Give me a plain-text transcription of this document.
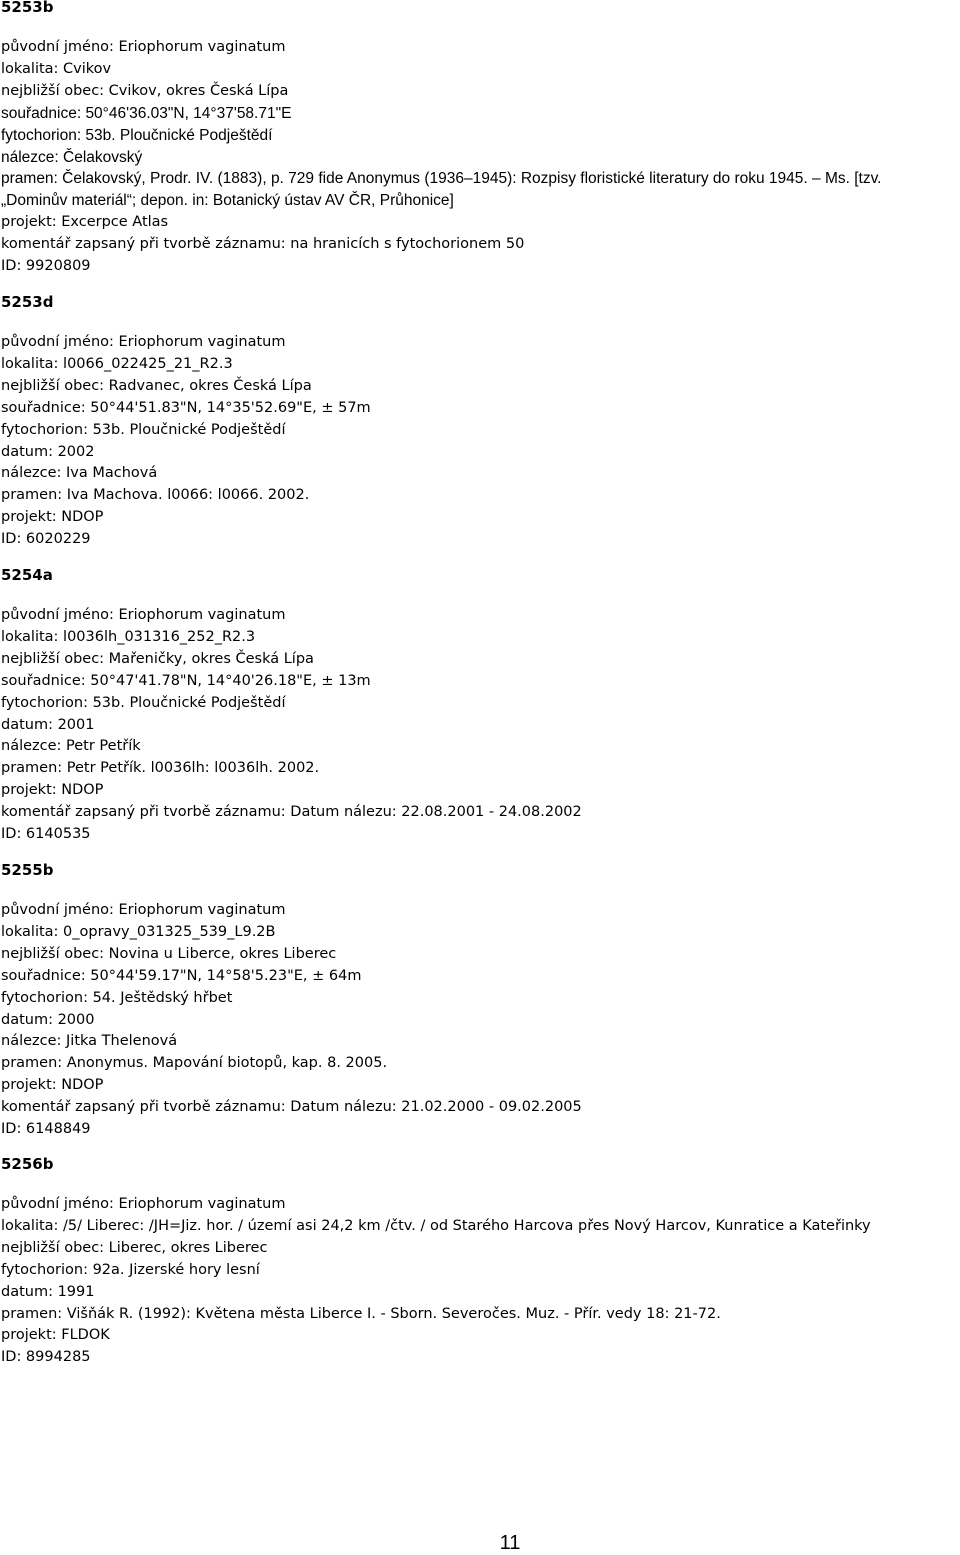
5253b
původní jméno: Eriophorum vaginatum
lokalita: Cvikov
nejbližší obec: Cvikov, okres Česká Lípa
souřadnice: 50°46'36.03"N, 14°37'58.71"E
fytochorion: 53b. Ploučnické Podještědí
nálezce: Čelakovský
pramen: Čelakovský, Prodr. IV. (1883), p. 729 fide Anonymus (1936–1945): Rozpisy floristické literatury do roku 1945. – Ms. [tzv. „Dominův materiál“; depon. in: Botanický ústav AV ČR, Průhonice]
projekt: Excerpce Atlas
komentář zapsaný při tvorbě záznamu: na hranicích s fytochorionem 50
ID: 9920809
5253d
původní jméno: Eriophorum vaginatum
lokalita: l0066_022425_21_R2.3
nejbližší obec: Radvanec, okres Česká Lípa
souřadnice: 50°44'51.83"N, 14°35'52.69"E, ± 57m
fytochorion: 53b. Ploučnické Podještědí
datum: 2002
nálezce: Iva Machová
pramen: Iva Machova. l0066: l0066. 2002.
projekt: NDOP
ID: 6020229
5254a
původní jméno: Eriophorum vaginatum
lokalita: l0036lh_031316_252_R2.3
nejbližší obec: Mařeničky, okres Česká Lípa
souřadnice: 50°47'41.78"N, 14°40'26.18"E, ± 13m
fytochorion: 53b. Ploučnické Podještědí
datum: 2001
nálezce: Petr Petřík
pramen: Petr Petřík. l0036lh: l0036lh. 2002.
projekt: NDOP
komentář zapsaný při tvorbě záznamu: Datum nálezu: 22.08.2001 - 24.08.2002
ID: 6140535
5255b
původní jméno: Eriophorum vaginatum
lokalita: 0_opravy_031325_539_L9.2B
nejbližší obec: Novina u Liberce, okres Liberec
souřadnice: 50°44'59.17"N, 14°58'5.23"E, ± 64m
fytochorion: 54. Ještědský hřbet
datum: 2000
nálezce: Jitka Thelenová
pramen: Anonymus. Mapování biotopů, kap. 8. 2005.
projekt: NDOP
komentář zapsaný při tvorbě záznamu: Datum nálezu: 21.02.2000 - 09.02.2005
ID: 6148849
5256b
původní jméno: Eriophorum vaginatum
lokalita: /5/ Liberec: /JH=Jiz. hor. / území asi 24,2 km /čtv. / od Starého Harcova přes Nový Harcov, Kunratice a Kateřinky
nejbližší obec: Liberec, okres Liberec
fytochorion: 92a. Jizerské hory lesní
datum: 1991
pramen: Višňák R. (1992): Květena města Liberce I. - Sborn. Severočes. Muz. - Přír. vedy 18: 21-72.
projekt: FLDOK
ID: 8994285
11
